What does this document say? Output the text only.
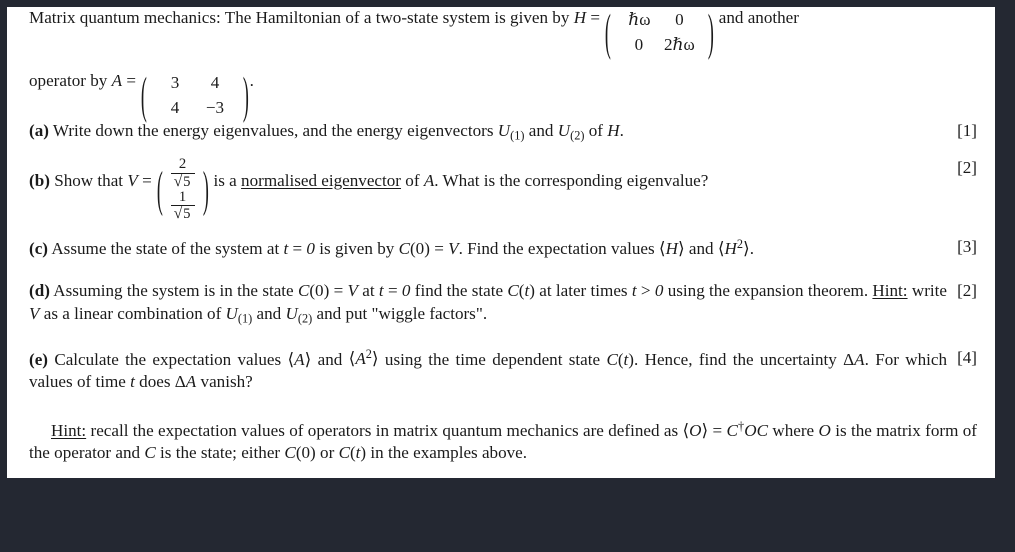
Matrix quantum mechanics: The Hamiltonian of a two-state system is given by H = (	ℏω	0
0	2ℏω ) and another

operator by A = (	3	4
4	−3	) .

[1]
(a) Write down the energy eigenvalues, and the energy eigenvectors $U_{(1)}$ and $U_{(2)}$ of H.

[2]
(b) Show that V = ( $\frac{2}{√5}$
$\frac{1}{√5}$ ) is a normalised eigenvector of A. What is the corresponding eigenvalue?

[3]
(c) Assume the state of the system at t = 0 is given by C(0) = V. Find the expectation values ⟨H⟩ and $⟨H^2⟩$.

[2]
(d) Assuming the system is in the state C(0) = V at t = 0 find the state C(t) at later times t > 0 using the expansion theorem. Hint: write V as a linear combination of $U_{(1)}$ and $U_{(2)}$ and put "wiggle factors".

[4]
(e) Calculate the expectation values ⟨A⟩ and $⟨A^2⟩$ using the time dependent state C(t). Hence, find the uncertainty ΔA. For which values of time t does ΔA vanish?

Hint: recall the expectation values of operators in matrix quantum mechanics are defined as ⟨O⟩ = C†OC where O is the matrix form of the operator and C is the state; either C(0) or C(t) in the examples above.
